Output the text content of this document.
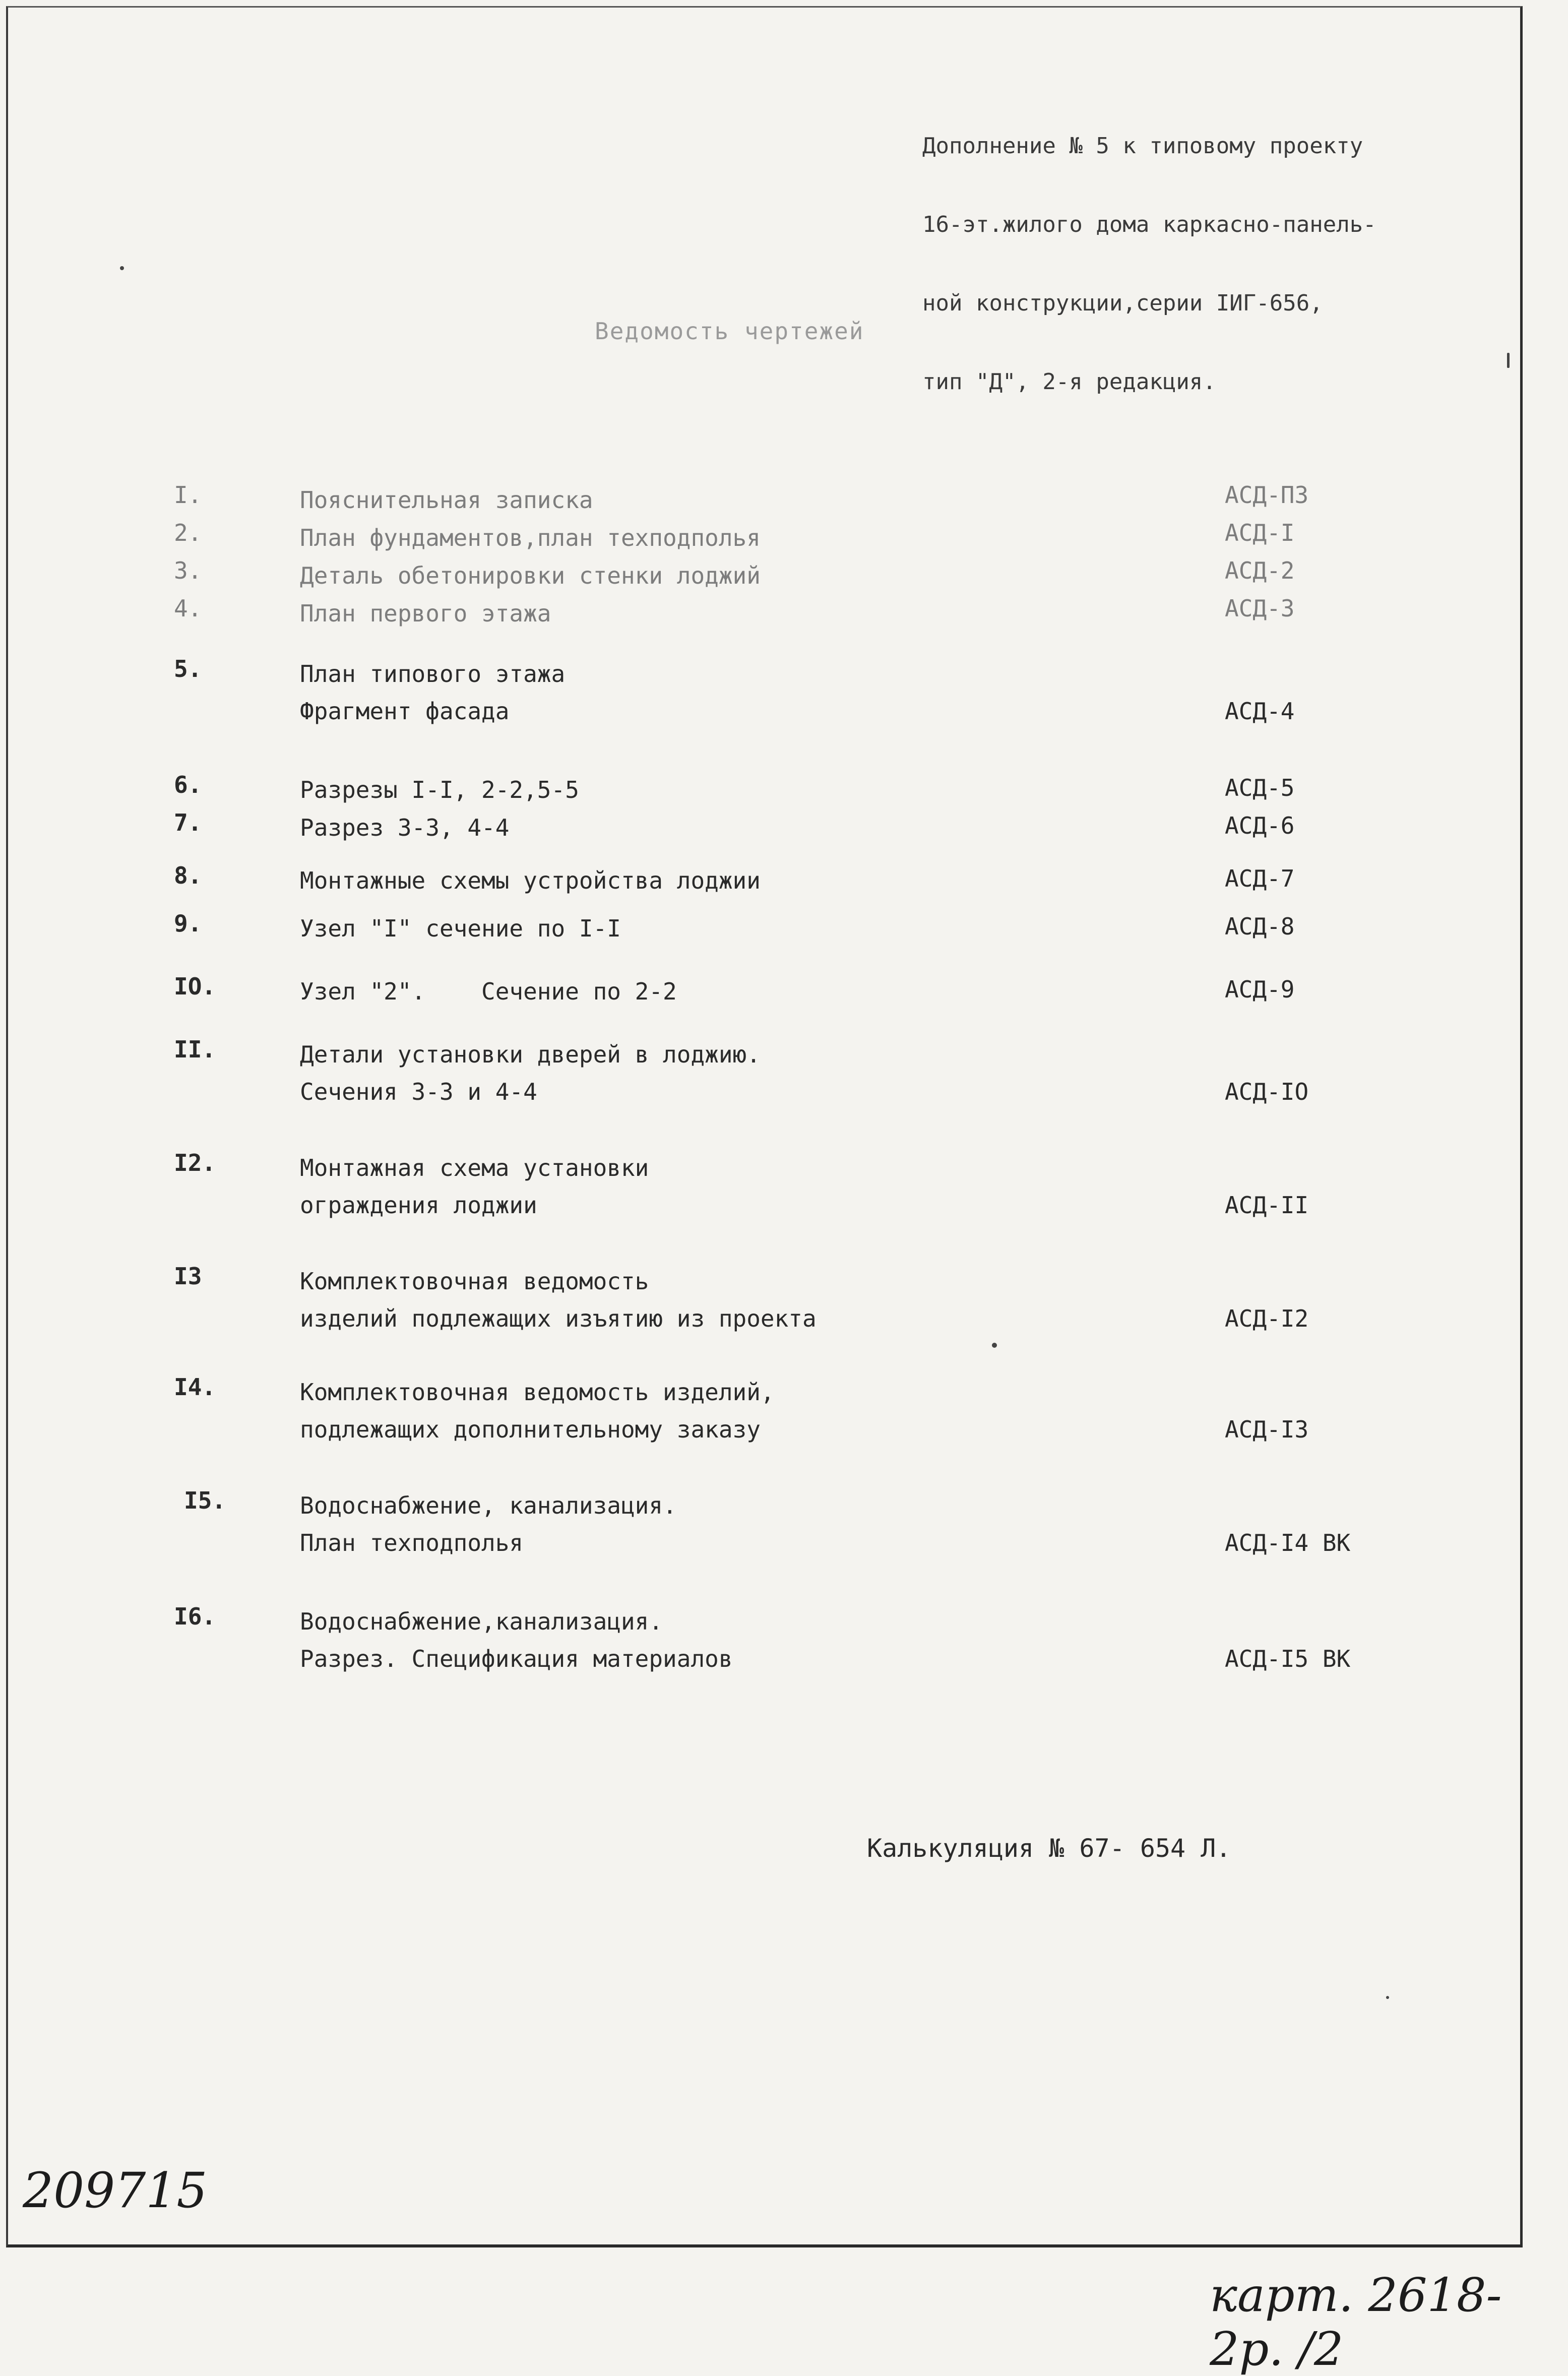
Дополнение № 5 к типовому проекту

16-эт.жилого дома каркасно-панель-

ной конструкции,серии IИГ-656,

тип "Д", 2-я редакция.

Ведомость чертежей
I.	Пояснительная записка	АСД-ПЗ
2.	План фундаментов,план техподполья	АСД-I
3.	Деталь обетонировки стенки лоджий	АСД-2
4.	План первого этажа	АСД-3
5.	План типового этажа
Фрагмент фасада	АСД-4
6.	Разрезы I-I, 2-2,5-5	АСД-5
7.	Разрез 3-3, 4-4	АСД-6
8.	Монтажные схемы устройства лоджии	АСД-7
9.	Узел "I" сечение по I-I	АСД-8
IO.	Узел "2".    Сечение по 2-2	АСД-9
II.	Детали установки дверей в лоджию.
Сечения 3-3 и 4-4	АСД-IO
I2.	Монтажная схема установки
ограждения лоджии	АСД-II
I3	Комплектовочная ведомость
изделий подлежащих изъятию из проекта	АСД-I2
I4.	Комплектовочная ведомость изделий,
подлежащих дополнительному заказу	АСД-I3
I5.	Водоснабжение, канализация.
План техподполья	АСД-I4 ВК
I6.	Водоснабжение,канализация.
Разрез. Спецификация материалов	АСД-I5 ВК
Калькуляция № 67- 654 Л.
209715
карт. 2618-2р. /2
